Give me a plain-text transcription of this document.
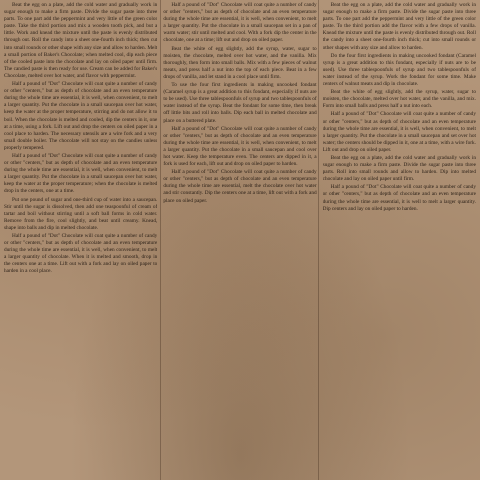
Beat the egg on a plate, add the cold water and gradually work in sugar enough to make a firm paste. Divide the sugar paste into three parts. To one part add the peppermint and very little of the green color paste. Take the third portion and mix a wooden tooth pick, and but a little. Work and knead the mixture until the paste is evenly distributed through out. Roll the candy into a sheet one-fourth inch thick; then cut into small rounds or other shape with any size and allow to harden. Melt a small portion of Baker's Chocolate; when melted cool, dip each piece of the cooled paste into the chocolate and lay on oiled paper until firm. The candied paste is then ready for use. Cream can be added for Baker's Chocolate, melted over hot water, and flavor with peppermint.

Half a pound of "Dot" Chocolate will coat quite a number of candy or other "centers," but as depth of chocolate and an even temperature during the whole time are essential, it is well, when convenient, to melt a larger quantity. Put the chocolate in a small saucepan over hot water, keep the water at the proper temperature, stirring and do not allow it to boil. When the chocolate is melted and cooled, dip the centers in it, one at a time, using a fork. Lift out and drop the centers on oiled paper in a cool place to harden. The necessary utensils are a wire fork and a very small double boiler. The chocolate will not stay on the candies unless properly tempered.

Half a pound of "Dot" Chocolate will coat quite a number of candy or other "centers," but as depth of chocolate and an even temperature during the whole time are essential, it is well, when convenient, to melt a larger quantity. Put the chocolate in a small saucepan over hot water, keep the water at the proper temperature; when the chocolate is melted drop in the centers, one at a time.

Put one pound of sugar and one-third cup of water into a saucepan. Stir until the sugar is dissolved, then add one teaspoonful of cream of tartar and boil without stirring until a soft ball forms in cold water. Remove from the fire, cool slightly, and beat until creamy. Knead, shape into balls and dip in melted chocolate.

Half a pound of "Dot" Chocolate will coat quite a number of candy or other "centers," but as depth of chocolate and an even temperature during the whole time are essential, it is well, when convenient, to melt a larger quantity of chocolate. When it is melted and smooth, drop in the centers one at a time. Lift out with a fork and lay on oiled paper to harden in a cool place.

Half a pound of "Dot" Chocolate will coat quite a number of candy or other "centers," but as depth of chocolate and an even temperature during the whole time are essential, it is well, when convenient, to melt a larger quantity. Put the chocolate in a small saucepan set in a pan of warm water; stir until melted and cool. With a fork dip the center in the chocolate, one at a time; lift out and drop on oiled paper.

Beat the white of egg slightly, add the syrup, water, sugar to moisten, the chocolate, melted over hot water, and the vanilla. Mix thoroughly, then form into small balls. Mix with a few pieces of walnut meats, and press half a nut into the top of each piece. Beat in a few drops of vanilla, and let stand in a cool place until firm.

To use the four first ingredients in making uncooked fondant (Caramel syrup is a great addition to this fondant, especially if nuts are to be used). Use three tablespoonfuls of syrup and two tablespoonfuls of water instead of the syrup. Beat the fondant for some time, then break off little bits and roll into balls. Dip each ball in melted chocolate and place on a buttered plate.

Half a pound of "Dot" Chocolate will coat quite a number of candy or other "centers," but as depth of chocolate and an even temperature during the whole time are essential, it is well, when convenient, to melt a larger quantity. Put the chocolate in a small saucepan and cool over hot water. Keep the temperature even. The centers are dipped in it, a fork is used for each, lift out and drop on oiled paper to harden.

Half a pound of "Dot" Chocolate will coat quite a number of candy or other "centers," but as depth of chocolate and an even temperature during the whole time are essential, melt the chocolate over hot water and stir constantly. Dip the centers one at a time, lift out with a fork and place on oiled paper.

Beat the egg on a plate, add the cold water and gradually work in sugar enough to make a firm paste. Divide the sugar paste into three parts. To one part add the peppermint and very little of the green color paste. To the third portion add the flavor with a few drops of vanilla. Knead the mixture until the paste is evenly distributed through out. Roll the candy into a sheet one-fourth inch thick; cut into small rounds or other shapes with any size and allow to harden.

Do the four first ingredients in making uncooked fondant (Caramel syrup is a great addition to this fondant, especially if nuts are to be used). Use three tablespoonfuls of syrup and two tablespoonfuls of water instead of the syrup. Work the fondant for some time. Make centers of walnut meats and dip in chocolate.

Beat the white of egg slightly, add the syrup, water, sugar to moisten, the chocolate, melted over hot water, and the vanilla, and mix. Form into small balls and press half a nut into each.

Half a pound of "Dot" Chocolate will coat quite a number of candy or other "centers," but as depth of chocolate and an even temperature during the whole time are essential, it is well, when convenient, to melt a larger quantity. Put the chocolate in a small saucepan and set over hot water; the centers should be dipped in it, one at a time, with a wire fork. Lift out and drop on oiled paper.

Beat the egg on a plate, add the cold water and gradually work in sugar enough to make a firm paste. Divide the sugar paste into three parts. Roll into small rounds and allow to harden. Dip into melted chocolate and lay on oiled paper until firm.

Half a pound of "Dot" Chocolate will coat quite a number of candy or other "centers," but as depth of chocolate and an even temperature during the whole time are essential, it is well to melt a larger quantity. Dip centers and lay on oiled paper to harden.
